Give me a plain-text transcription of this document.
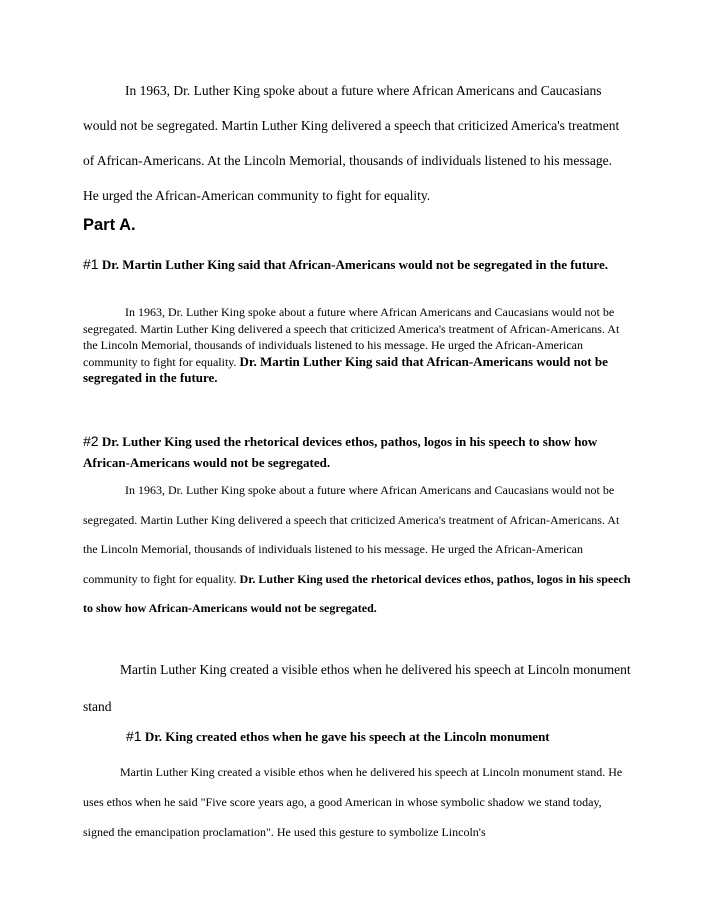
In 1963, Dr. Luther King spoke about a future where African Americans and Caucasians would not be segregated. Martin Luther King delivered a speech that criticized America's treatment of African-Americans. At the Lincoln Memorial, thousands of individuals listened to his message. He urged the African-American community to fight for equality.

Part A.
#1 Dr. Martin Luther King said that African-Americans would not be segregated in the future.

In 1963, Dr. Luther King spoke about a future where African Americans and Caucasians would not be segregated. Martin Luther King delivered a speech that criticized America's treatment of African-Americans. At the Lincoln Memorial, thousands of individuals listened to his message. He urged the African-American community to fight for equality. Dr. Martin Luther King said that African-Americans would not be segregated in the future.

#2 Dr. Luther King used the rhetorical devices ethos, pathos, logos in his speech to show how African-Americans would not be segregated.

In 1963, Dr. Luther King spoke about a future where African Americans and Caucasians would not be segregated. Martin Luther King delivered a speech that criticized America's treatment of African-Americans. At the Lincoln Memorial, thousands of individuals listened to his message. He urged the African-American community to fight for equality. Dr. Luther King used the rhetorical devices ethos, pathos, logos in his speech to show how African-Americans would not be segregated.

Martin Luther King created a visible ethos when he delivered his speech at Lincoln monument stand

#1 Dr. King created ethos when he gave his speech at the Lincoln monument

Martin Luther King created a visible ethos when he delivered his speech at Lincoln monument stand. He uses ethos when he said "Five score years ago, a good American in whose symbolic shadow we stand today, signed the emancipation proclamation". He used this gesture to symbolize Lincoln's
